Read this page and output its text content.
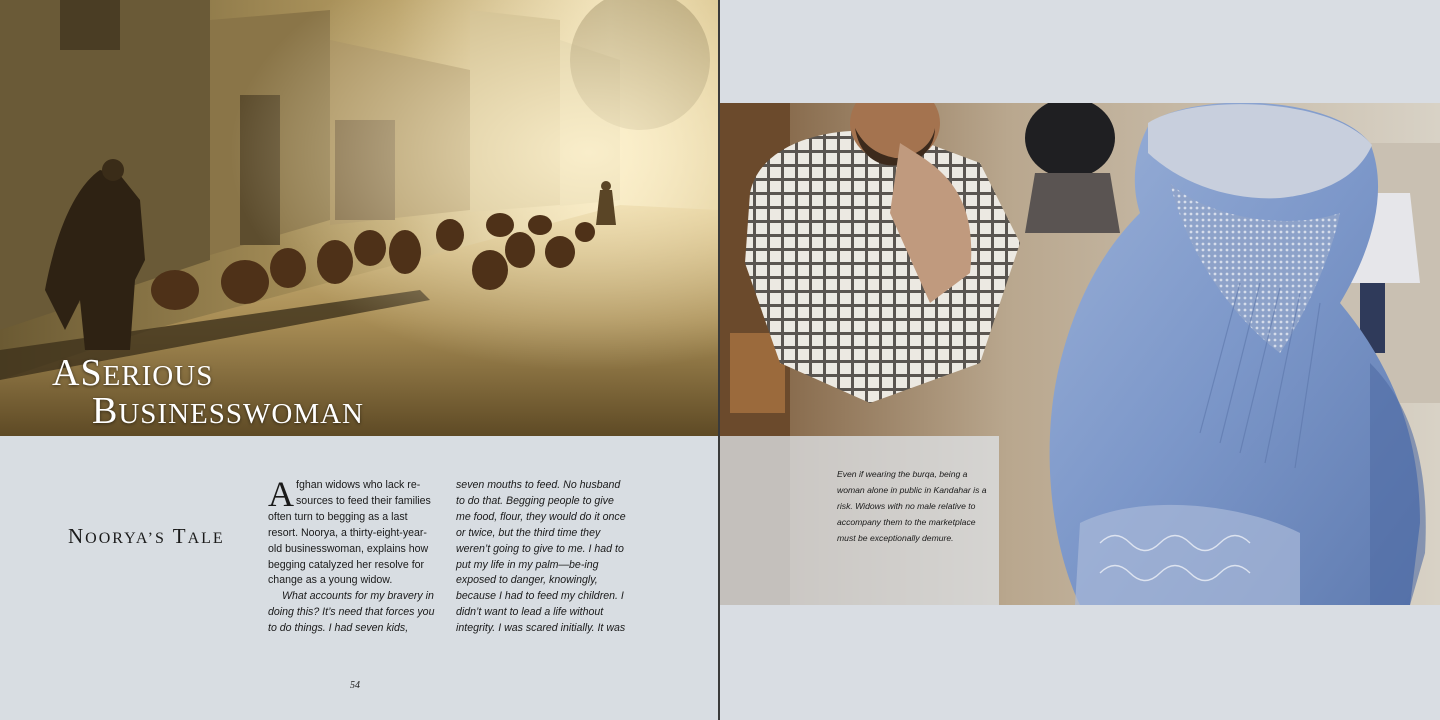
ASERIOUS
BUSINESSWOMAN
NOORYA’S TALE

Afghan widows who lack re-sources to feed their families often turn to begging as a last resort. Noorya, a thirty-eight-year-old businesswoman, explains how begging catalyzed her resolve for change as a young widow.

What accounts for my bravery in doing this? It’s need that forces you to do things. I had seven kids,

seven mouths to feed. No husband to do that. Begging people to give me food, flour, they would do it once or twice, but the third time they weren’t going to give to me. I had to put my life in my palm—be-ing exposed to danger, knowingly, because I had to feed my children. I didn’t want to lead a life without integrity. I was scared initially. It was

54
Even if wearing the burqa, being a woman alone in public in Kandahar is a risk. Widows with no male relative to accompany them to the marketplace must be exceptionally demure.
